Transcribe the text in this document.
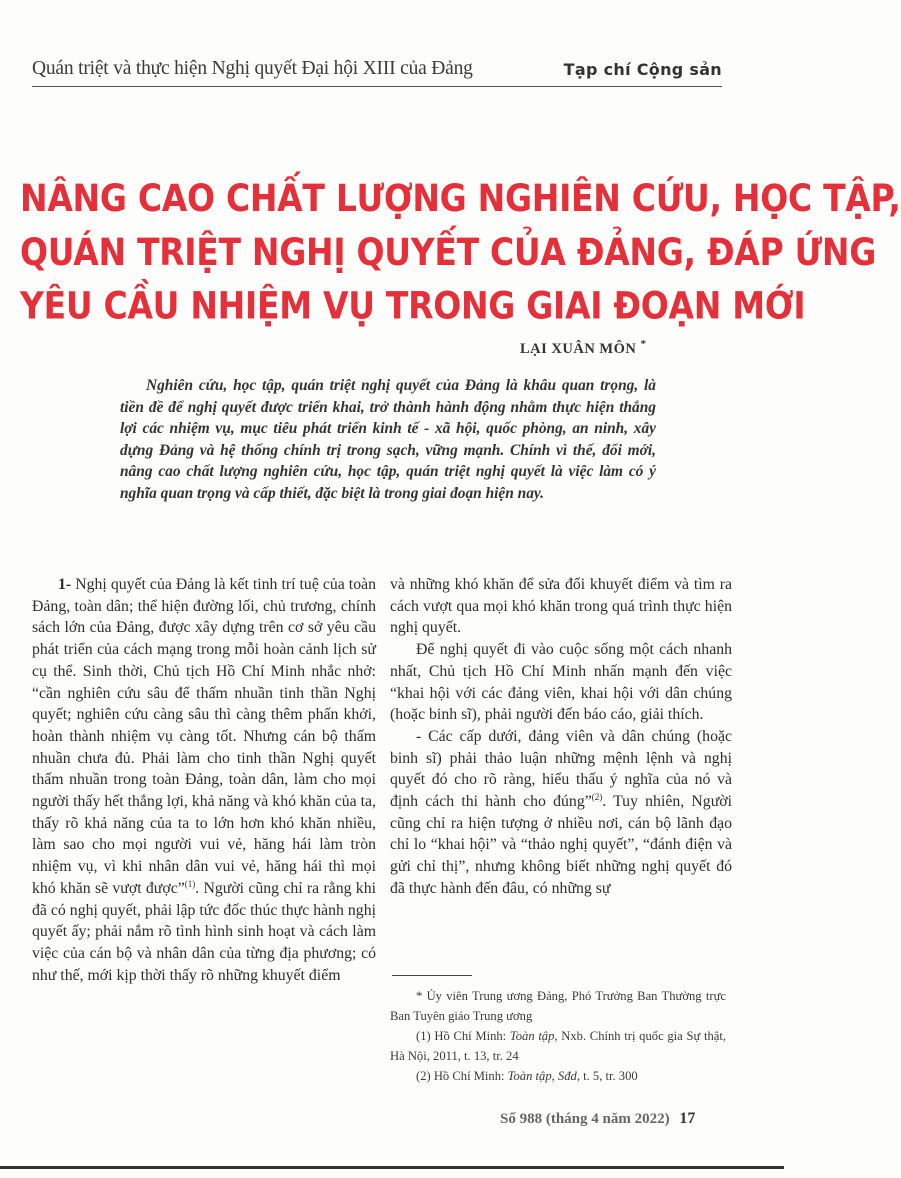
Quán triệt và thực hiện Nghị quyết Đại hội XIII của Đảng	Tạp chí Cộng sản
NÂNG CAO CHẤT LƯỢNG NGHIÊN CỨU, HỌC TẬP,
QUÁN TRIỆT NGHỊ QUYẾT CỦA ĐẢNG, ĐÁP ỨNG
YÊU CẦU NHIỆM VỤ TRONG GIAI ĐOẠN MỚI
LẠI XUÂN MÔN *
Nghiên cứu, học tập, quán triệt nghị quyết của Đảng là khâu quan trọng, là tiền đề để nghị quyết được triển khai, trở thành hành động nhằm thực hiện thắng lợi các nhiệm vụ, mục tiêu phát triển kinh tế - xã hội, quốc phòng, an ninh, xây dựng Đảng và hệ thống chính trị trong sạch, vững mạnh. Chính vì thế, đổi mới, nâng cao chất lượng nghiên cứu, học tập, quán triệt nghị quyết là việc làm có ý nghĩa quan trọng và cấp thiết, đặc biệt là trong giai đoạn hiện nay.

1- Nghị quyết của Đảng là kết tinh trí tuệ của toàn Đảng, toàn dân; thể hiện đường lối, chủ trương, chính sách lớn của Đảng, được xây dựng trên cơ sở yêu cầu phát triển của cách mạng trong mỗi hoàn cảnh lịch sử cụ thể. Sinh thời, Chủ tịch Hồ Chí Minh nhắc nhở: “cần nghiên cứu sâu để thấm nhuần tinh thần Nghị quyết; nghiên cứu càng sâu thì càng thêm phấn khởi, hoàn thành nhiệm vụ càng tốt. Nhưng cán bộ thấm nhuần chưa đủ. Phải làm cho tinh thần Nghị quyết thấm nhuần trong toàn Đảng, toàn dân, làm cho mọi người thấy hết thắng lợi, khả năng và khó khăn của ta, thấy rõ khả năng của ta to lớn hơn khó khăn nhiều, làm sao cho mọi người vui vẻ, hăng hái làm tròn nhiệm vụ, vì khi nhân dân vui vẻ, hăng hái thì mọi khó khăn sẽ vượt được”$^{(1)}$. Người cũng chỉ ra rằng khi đã có nghị quyết, phải lập tức đốc thúc thực hành nghị quyết ấy; phải nắm rõ tình hình sinh hoạt và cách làm việc của cán bộ và nhân dân của từng địa phương; có như thế, mới kịp thời thấy rõ những khuyết điểm

và những khó khăn để sửa đổi khuyết điểm và tìm ra cách vượt qua mọi khó khăn trong quá trình thực hiện nghị quyết.

Để nghị quyết đi vào cuộc sống một cách nhanh nhất, Chủ tịch Hồ Chí Minh nhấn mạnh đến việc “khai hội với các đảng viên, khai hội với dân chúng (hoặc binh sĩ), phải người đến báo cáo, giải thích.

- Các cấp dưới, đảng viên và dân chúng (hoặc binh sĩ) phải thảo luận những mệnh lệnh và nghị quyết đó cho rõ ràng, hiểu thấu ý nghĩa của nó và định cách thi hành cho đúng”$^{(2)}$. Tuy nhiên, Người cũng chỉ ra hiện tượng ở nhiều nơi, cán bộ lãnh đạo chỉ lo “khai hội” và “thảo nghị quyết”, “đánh điện và gửi chỉ thị”, nhưng không biết những nghị quyết đó đã thực hành đến đâu, có những sự

* Ủy viên Trung ương Đảng, Phó Trưởng Ban Thường trực Ban Tuyên giáo Trung ương

(1) Hồ Chí Minh: Toàn tập, Nxb. Chính trị quốc gia Sự thật, Hà Nội, 2011, t. 13, tr. 24

(2) Hồ Chí Minh: Toàn tập, Sđd, t. 5, tr. 300

Số 988 (tháng 4 năm 2022) 17
